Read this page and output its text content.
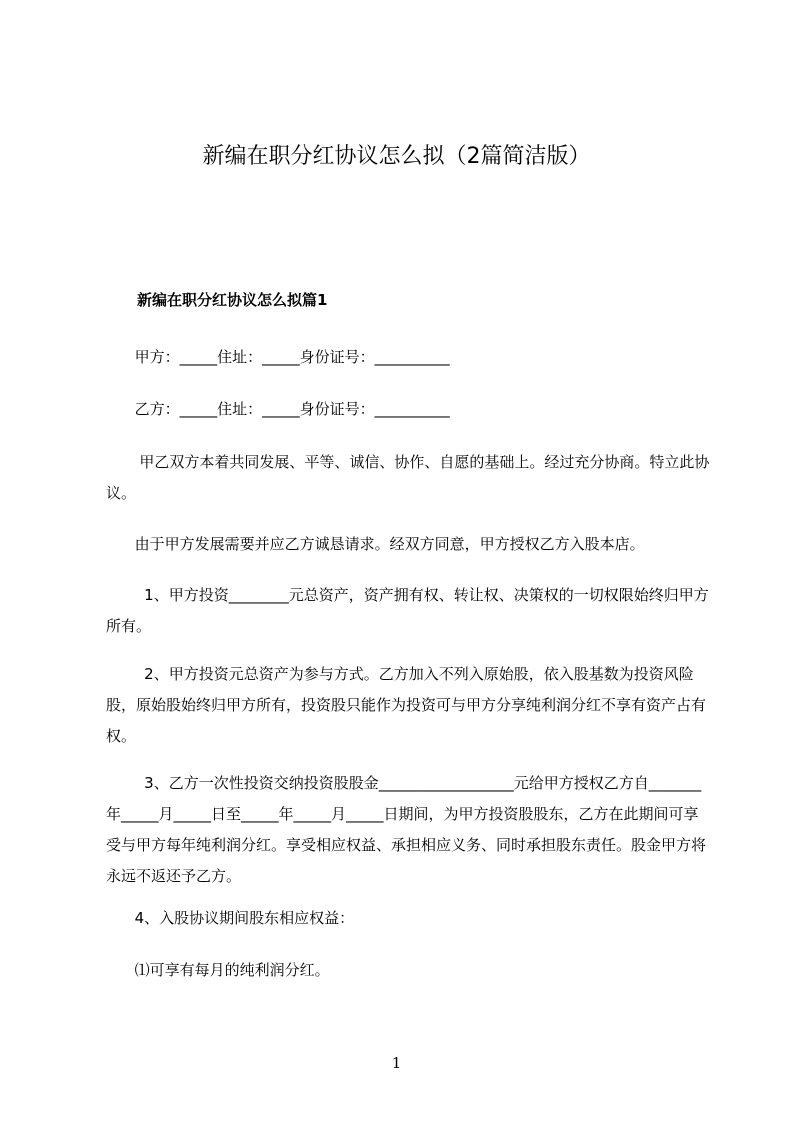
新编在职分红协议怎么拟（2篇简洁版）
新编在职分红协议怎么拟篇1

甲方：_____住址：_____身份证号：__________

乙方：_____住址：_____身份证号：__________

甲乙双方本着共同发展、平等、诚信、协作、自愿的基础上。经过充分协商。特立此协议。

由于甲方发展需要并应乙方诚恳请求。经双方同意，甲方授权乙方入股本店。

1、甲方投资________元总资产，资产拥有权、转让权、决策权的一切权限始终归甲方所有。

2、甲方投资元总资产为参与方式。乙方加入不列入原始股，依入股基数为投资风险股，原始股始终归甲方所有，投资股只能作为投资可与甲方分享纯利润分红不享有资产占有权。

3、乙方一次性投资交纳投资股股金__________________元给甲方授权乙方自_______年_____月_____日至_____年_____月_____日期间，为甲方投资股股东，乙方在此期间可享受与甲方每年纯利润分红。享受相应权益、承担相应义务、同时承担股东责任。股金甲方将永远不返还予乙方。

4、入股协议期间股东相应权益：

⑴可享有每月的纯利润分红。

1
